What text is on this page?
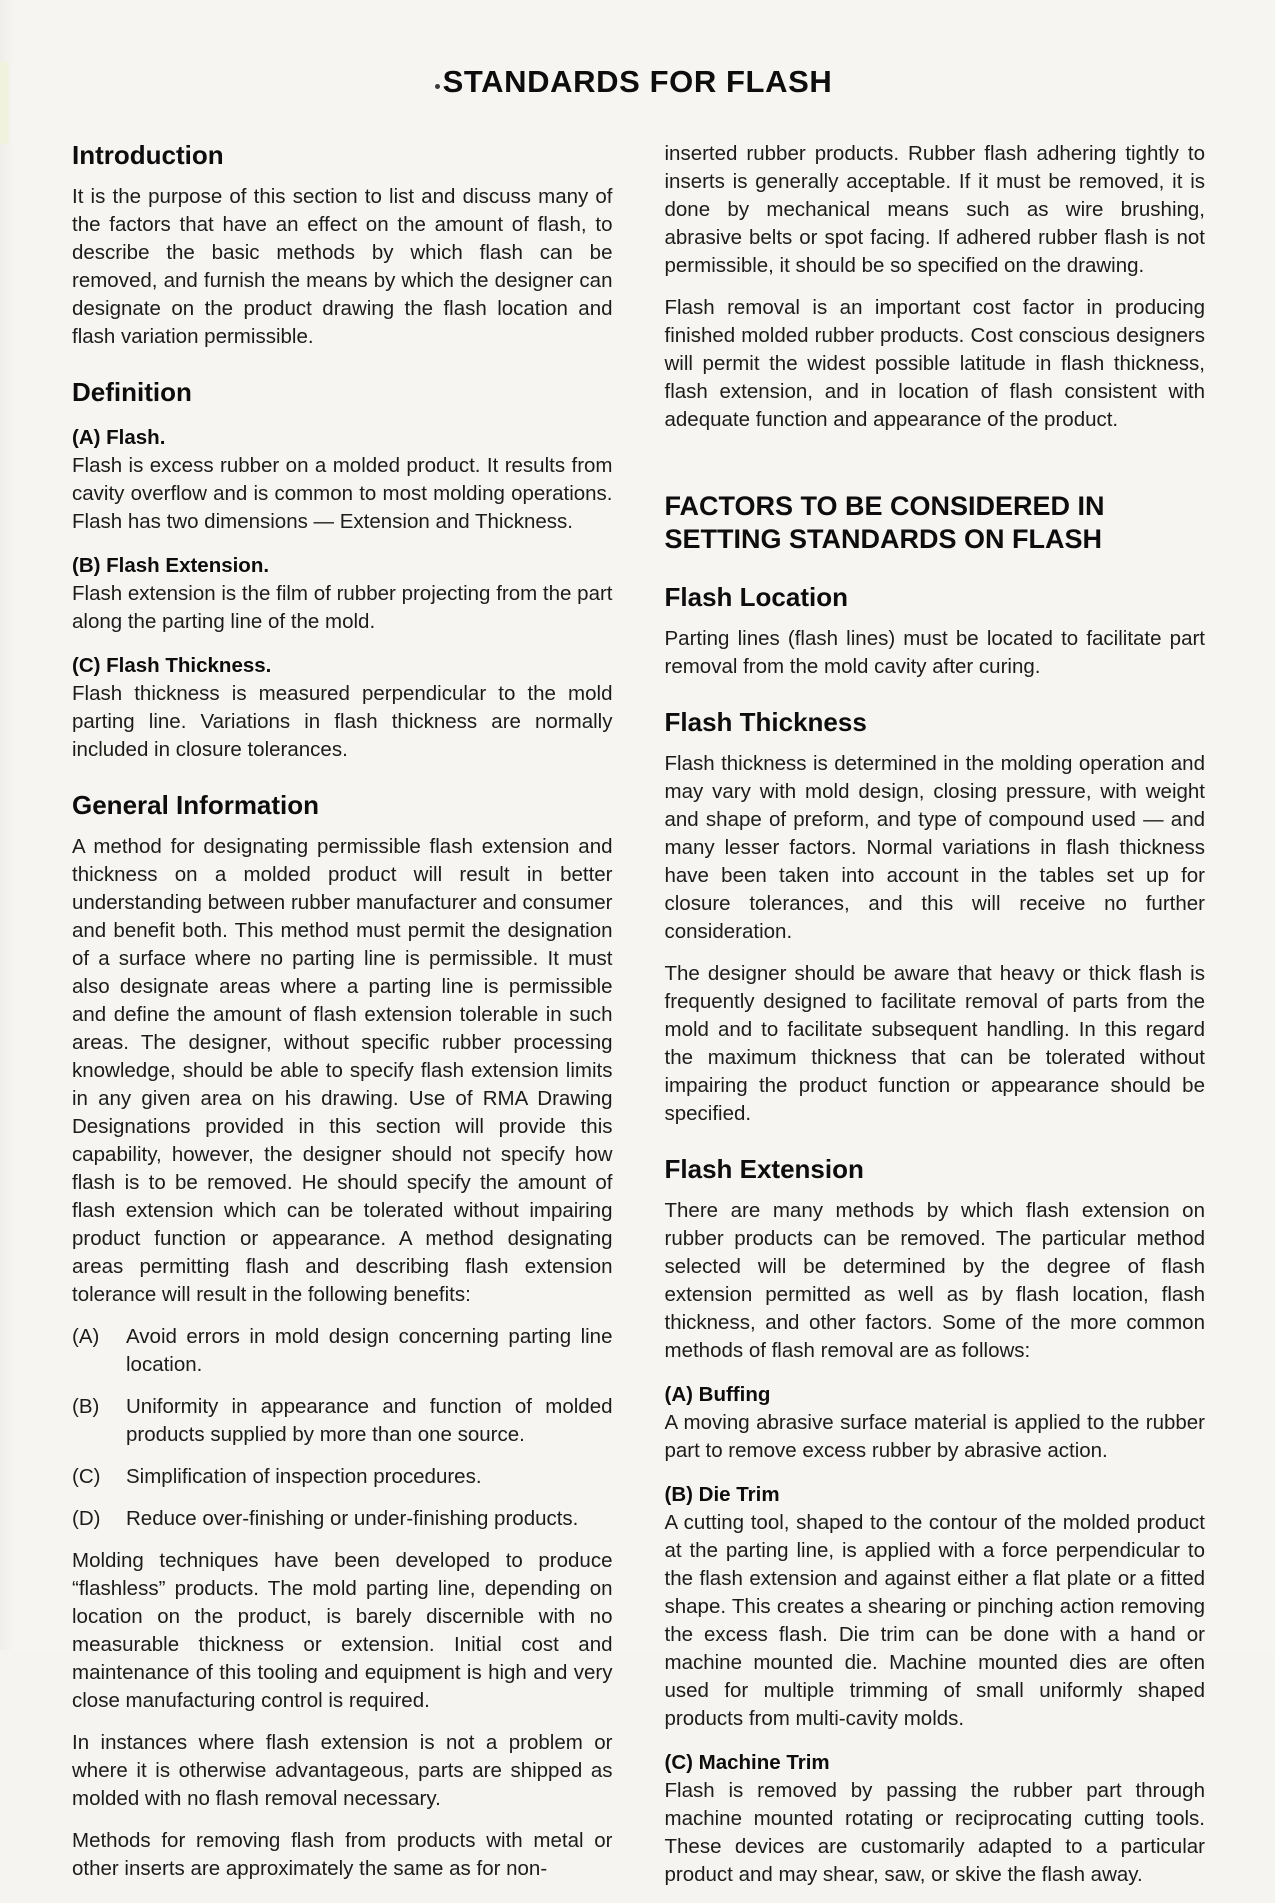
STANDARDS FOR FLASH
Introduction

It is the purpose of this section to list and discuss many of the factors that have an effect on the amount of flash, to describe the basic methods by which flash can be removed, and furnish the means by which the designer can designate on the product drawing the flash location and flash variation permissible.

Definition
(A) Flash.

Flash is excess rubber on a molded product. It results from cavity overflow and is common to most molding operations. Flash has two dimensions — Extension and Thickness.

(B) Flash Extension.

Flash extension is the film of rubber projecting from the part along the parting line of the mold.

(C) Flash Thickness.

Flash thickness is measured perpendicular to the mold parting line. Variations in flash thickness are normally included in closure tolerances.

General Information

A method for designating permissible flash extension and thickness on a molded product will result in better understanding between rubber manufacturer and consumer and benefit both. This method must permit the designation of a surface where no parting line is permissible. It must also designate areas where a parting line is permissible and define the amount of flash extension tolerable in such areas. The designer, without specific rubber processing knowledge, should be able to specify flash extension limits in any given area on his drawing. Use of RMA Drawing Designations provided in this section will provide this capability, however, the designer should not specify how flash is to be removed. He should specify the amount of flash extension which can be tolerated without impairing product function or appearance. A method designating areas permitting flash and describing flash extension tolerance will result in the following benefits:

(A)	Avoid errors in mold design concerning parting line location.
(B)	Uniformity in appearance and function of molded products supplied by more than one source.
(C)	Simplification of inspection procedures.
(D)	Reduce over-finishing or under-finishing products.

Molding techniques have been developed to produce “flashless” products. The mold parting line, depending on location on the product, is barely discernible with no measurable thickness or extension. Initial cost and maintenance of this tooling and equipment is high and very close manufacturing control is required.

In instances where flash extension is not a problem or where it is otherwise advantageous, parts are shipped as molded with no flash removal necessary.

Methods for removing flash from products with metal or other inserts are approximately the same as for non-

inserted rubber products. Rubber flash adhering tightly to inserts is generally acceptable. If it must be removed, it is done by mechanical means such as wire brushing, abrasive belts or spot facing. If adhered rubber flash is not permissible, it should be so specified on the drawing.

Flash removal is an important cost factor in producing finished molded rubber products. Cost conscious designers will permit the widest possible latitude in flash thickness, flash extension, and in location of flash consistent with adequate function and appearance of the product.

FACTORS TO BE CONSIDERED IN SETTING STANDARDS ON FLASH
Flash Location

Parting lines (flash lines) must be located to facilitate part removal from the mold cavity after curing.

Flash Thickness

Flash thickness is determined in the molding operation and may vary with mold design, closing pressure, with weight and shape of preform, and type of compound used — and many lesser factors. Normal variations in flash thickness have been taken into account in the tables set up for closure tolerances, and this will receive no further consideration.

The designer should be aware that heavy or thick flash is frequently designed to facilitate removal of parts from the mold and to facilitate subsequent handling. In this regard the maximum thickness that can be tolerated without impairing the product function or appearance should be specified.

Flash Extension

There are many methods by which flash extension on rubber products can be removed. The particular method selected will be determined by the degree of flash extension permitted as well as by flash location, flash thickness, and other factors. Some of the more common methods of flash removal are as follows:

(A) Buffing

A moving abrasive surface material is applied to the rubber part to remove excess rubber by abrasive action.

(B) Die Trim

A cutting tool, shaped to the contour of the molded product at the parting line, is applied with a force perpendicular to the flash extension and against either a flat plate or a fitted shape. This creates a shearing or pinching action removing the excess flash. Die trim can be done with a hand or machine mounted die. Machine mounted dies are often used for multiple trimming of small uniformly shaped products from multi-cavity molds.

(C) Machine Trim

Flash is removed by passing the rubber part through machine mounted rotating or reciprocating cutting tools. These devices are customarily adapted to a particular product and may shear, saw, or skive the flash away.
